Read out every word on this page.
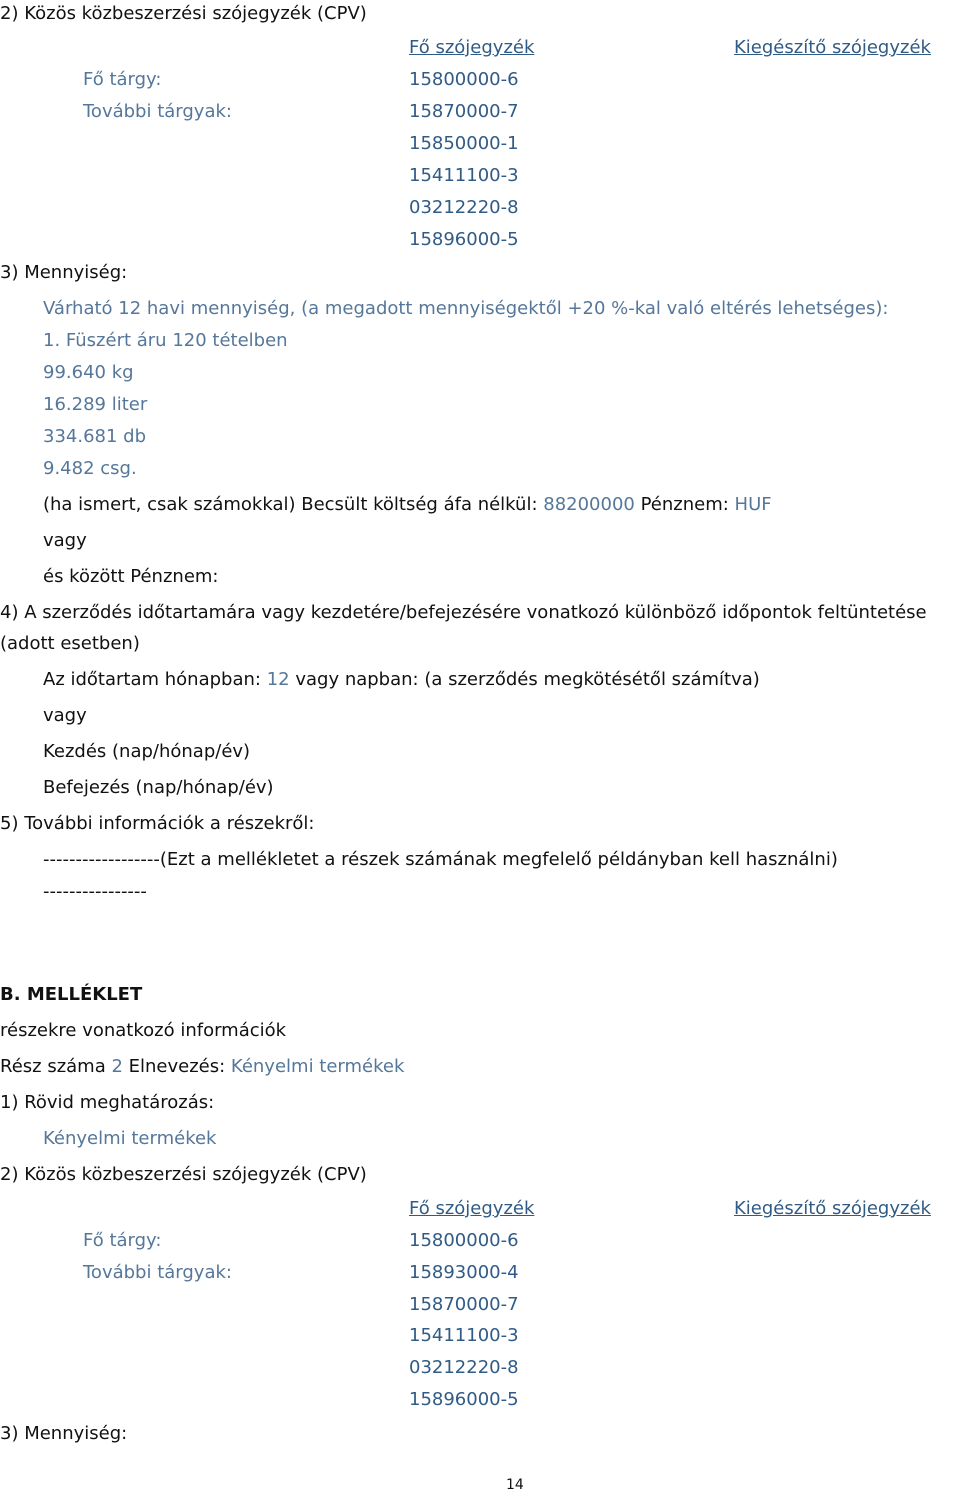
2) Közös közbeszerzési szójegyzék (CPV)
Fő szójegyzék	Kiegészítő szójegyzék
Fő tárgy:	15800000-6
További tárgyak:	15870000-7
15850000-1
15411100-3
03212220-8
15896000-5
3) Mennyiség:
Várható 12 havi mennyiség, (a megadott mennyiségektől +20 %-kal való eltérés lehetséges):
1. Füszért áru 120 tételben
99.640 kg
16.289 liter
334.681 db
9.482 csg.
(ha ismert, csak számokkal) Becsült költség áfa nélkül: 88200000 Pénznem: HUF
vagy
és között Pénznem:
4) A szerződés időtartamára vagy kezdetére/befejezésére vonatkozó különböző időpontok feltüntetése
(adott esetben)
Az időtartam hónapban: 12 vagy napban: (a szerződés megkötésétől számítva)
vagy
Kezdés (nap/hónap/év)
Befejezés (nap/hónap/év)
5) További információk a részekről:
------------------(Ezt a mellékletet a részek számának megfelelő példányban kell használni)
----------------
B. MELLÉKLET
részekre vonatkozó információk
Rész száma 2 Elnevezés: Kényelmi termékek
1) Rövid meghatározás:
Kényelmi termékek
2) Közös közbeszerzési szójegyzék (CPV)
Fő szójegyzék	Kiegészítő szójegyzék
Fő tárgy:	15800000-6
További tárgyak:	15893000-4
15870000-7
15411100-3
03212220-8
15896000-5
3) Mennyiség:
14
